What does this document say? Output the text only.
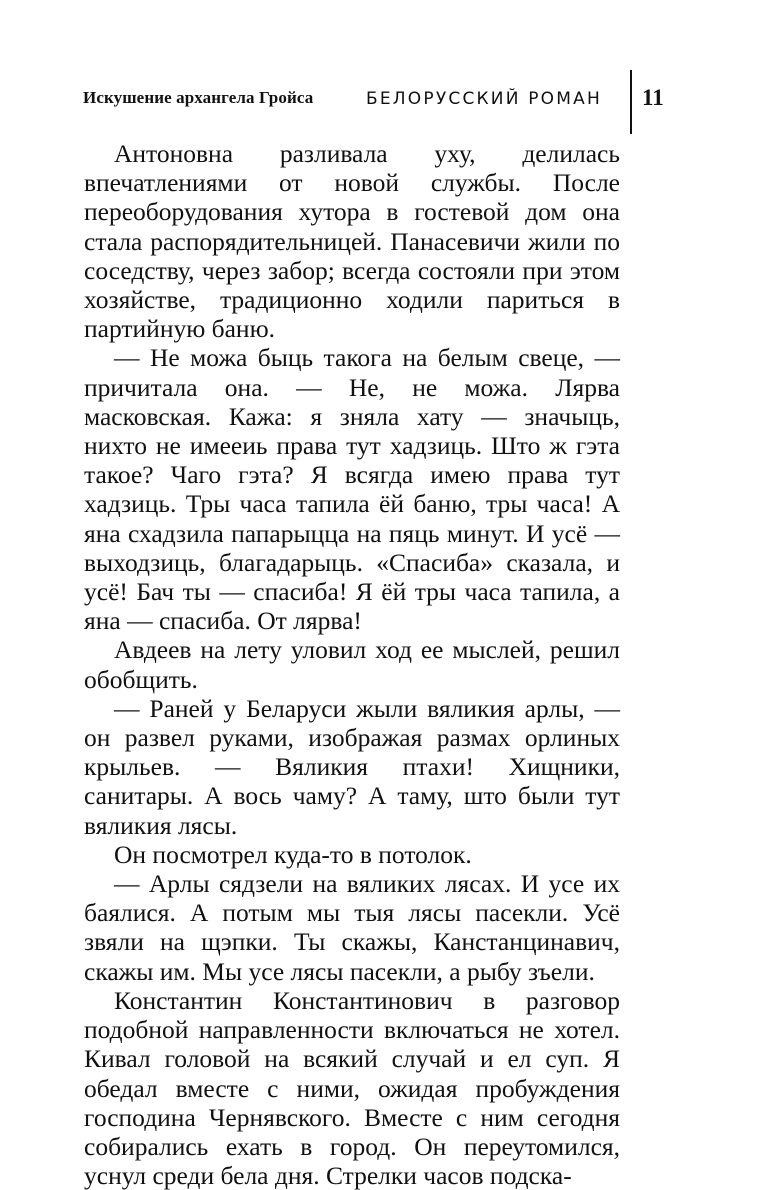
Искушение архангела Гройса	БЕЛОРУССКИЙ РОМАН 11

Антоновна разливала уху, делилась впечатлениями от новой службы. После переоборудования хутора в гостевой дом она стала распорядительницей. Панасевичи жили по соседству, через забор; всегда состояли при этом хозяйстве, традиционно ходили париться в партийную баню.

— Не можа быць такога на белым свеце, — причитала она. — Не, не можа. Лярва масковская. Кажа: я зняла хату — значыць, нихто не имееиь права тут хадзиць. Што ж гэта такое? Чаго гэта? Я всягда имею права тут хадзиць. Тры часа тапила ёй баню, тры часа! А яна схадзила папарыцца на пяць минут. И усё — выходзиць, благадарыць. «Спасиба» сказала, и усё! Бач ты — спасиба! Я ёй тры часа тапила, а яна — спасиба. От лярва!

Авдеев на лету уловил ход ее мыслей, решил обобщить.

— Раней у Беларуси жыли вяликия арлы, — он развел руками, изображая размах орлиных крыльев. — Вяликия птахи! Хищники, санитары. А вось чаму? А таму, што были тут вяликия лясы.

Он посмотрел куда-то в потолок.

— Арлы сядзели на вяликих лясах. И усе их баялися. А потым мы тыя лясы пасекли. Усё звяли на щэпки. Ты скажы, Канстанцинавич, скажы им. Мы усе лясы пасекли, а рыбу зъели.

Константин Константинович в разговор подобной направленности включаться не хотел. Кивал головой на всякий случай и ел суп. Я обедал вместе с ними, ожидая пробуждения господина Чернявского. Вместе с ним сегодня собирались ехать в город. Он переутомился, уснул среди бела дня. Стрелки часов подска-
